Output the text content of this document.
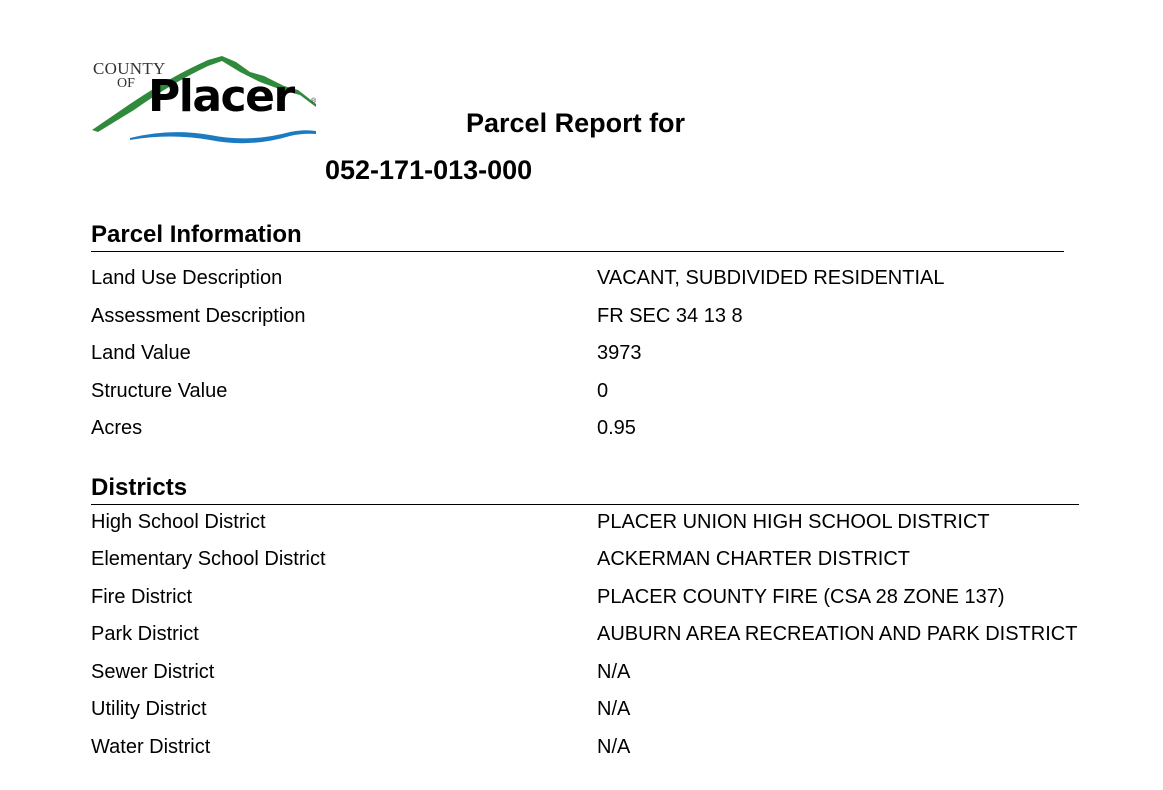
COUNTY
OF Placer ®
Parcel Report for
052-171-013-000
Parcel Information
Land Use Description	VACANT, SUBDIVIDED RESIDENTIAL
Assessment Description	FR SEC 34 13 8
Land Value	3973
Structure Value	0
Acres	0.95
Districts
High School District	PLACER UNION HIGH SCHOOL DISTRICT
Elementary School District	ACKERMAN CHARTER DISTRICT
Fire District	PLACER COUNTY FIRE (CSA 28 ZONE 137)
Park District	AUBURN AREA RECREATION AND PARK DISTRICT
Sewer District	N/A
Utility District	N/A
Water District	N/A
